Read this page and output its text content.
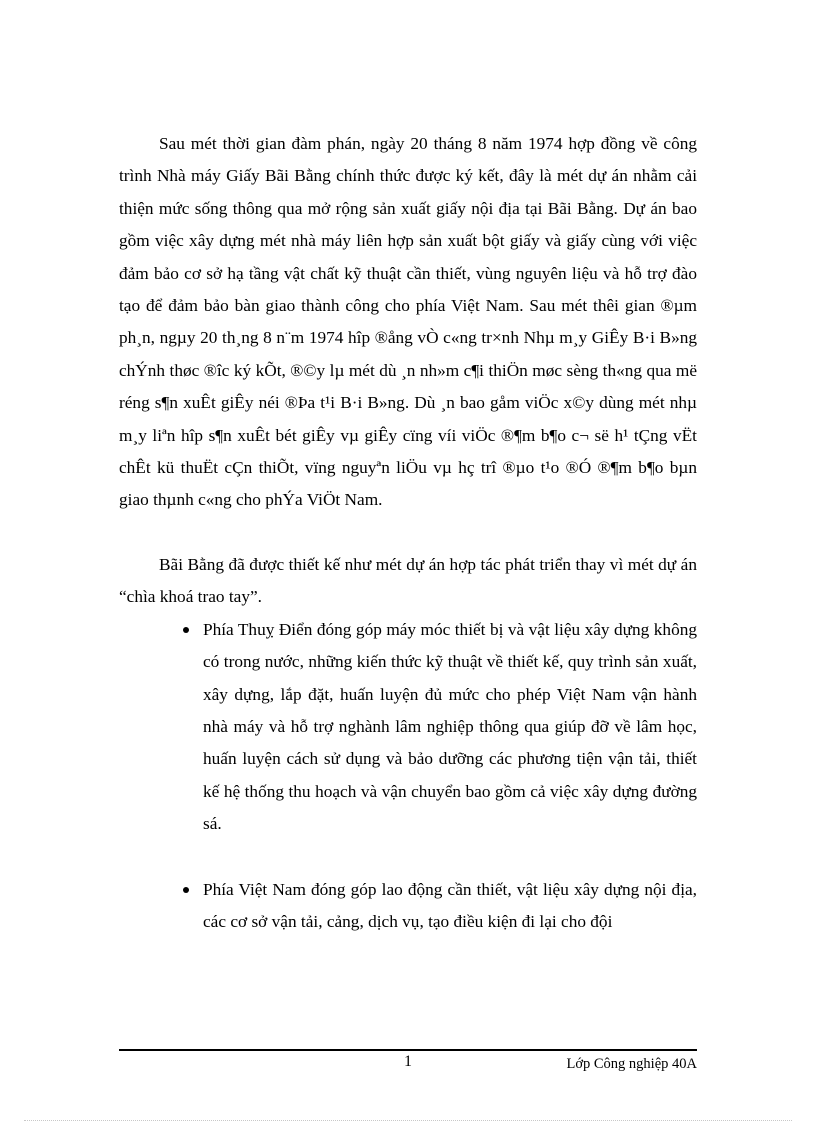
Sau mét thời gian đàm phán, ngày 20 tháng 8 năm 1974 hợp đồng về công trình Nhà máy Giấy Bãi Bằng chính thức được ký kết, đây là mét dự án nhằm cải thiện mức sống thông qua mở rộng sản xuất giấy nội địa tại Bãi Bằng. Dự án bao gồm việc xây dựng mét nhà máy liên hợp sản xuất bột giấy và giấy cùng với việc đảm bảo cơ sở hạ tầng vật chất kỹ thuật cần thiết, vùng nguyên liệu và hỗ trợ đào tạo để đảm bảo bàn giao thành công cho phía Việt Nam. Sau mét thêi gian ®µm ph¸n, ngµy 20 th¸ng 8 n¨m 1974 hîp ®ång vÒ c«ng tr×nh Nhµ m¸y GiÊy B·i B»ng chÝnh thøc ®îc ký kÕt, ®©y lµ mét dù ¸n nh»m c¶i thiÖn møc sèng th«ng qua më réng s¶n xuÊt giÊy néi ®Þa t¹i B·i B»ng. Dù ¸n bao gåm viÖc x©y dùng mét nhµ m¸y liªn hîp s¶n xuÊt bét giÊy vµ giÊy cïng víi viÖc ®¶m b¶o c¬ së h¹ tÇng vËt chÊt kü thuËt cÇn thiÕt, vïng nguyªn liÖu vµ hç trî ®µo t¹o ®Ó ®¶m b¶o bµn giao thµnh c«ng cho phÝa ViÖt Nam.

Bãi Bằng đã được thiết kế như mét dự án hợp tác phát triển thay vì mét dự án “chìa khoá trao tay”.

Phía Thuỵ Điển đóng góp máy móc thiết bị và vật liệu xây dựng không có trong nước, những kiến thức kỹ thuật về thiết kế, quy trình sản xuất, xây dựng, lắp đặt, huấn luyện đủ mức cho phép Việt Nam vận hành nhà máy và hỗ trợ nghành lâm nghiệp thông qua giúp đỡ về lâm học, huấn luyện cách sử dụng và bảo dưỡng các phương tiện vận tải, thiết kế hệ thống thu hoạch và vận chuyển bao gồm cả việc xây dựng đường sá.
Phía Việt Nam đóng góp lao động cần thiết, vật liệu xây dựng nội địa, các cơ sở vận tải, cảng, dịch vụ, tạo điều kiện đi lại cho đội
1	Lớp Công nghiệp 40A
